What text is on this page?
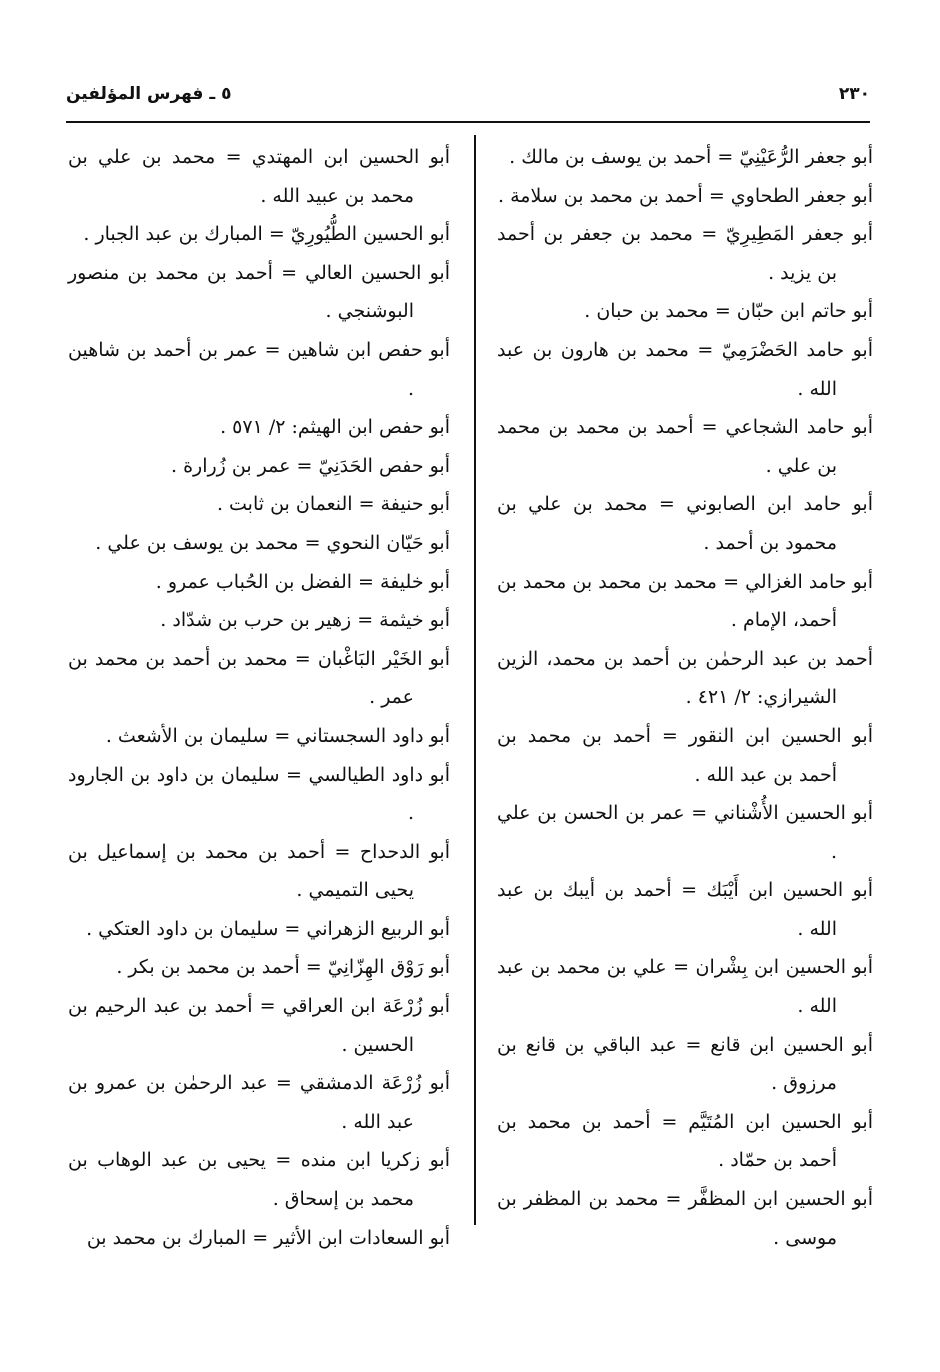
٢٣٠
٥ ـ فهرس المؤلفين

أبو جعفر الرُّعَيْنِيّ = أحمد بن يوسف بن مالك .

أبو جعفر الطحاوي = أحمد بن محمد بن سلامة .

أبو جعفر المَطِيرِيّ = محمد بن جعفر بن أحمد بن يزيد .

أبو حاتم ابن حبّان = محمد بن حبان .

أبو حامد الحَضْرَمِيّ = محمد بن هارون بن عبد الله .

أبو حامد الشجاعي = أحمد بن محمد بن محمد بن علي .

أبو حامد ابن الصابوني = محمد بن علي بن محمود بن أحمد .

أبو حامد الغزالي = محمد بن محمد بن محمد بن أحمد، الإمام .

أحمد بن عبد الرحمٰن بن أحمد بن محمد، الزين الشيرازي: ٢/ ٤٢١ .

أبو الحسين ابن النقور = أحمد بن محمد بن أحمد بن عبد الله .

أبو الحسين الأُشْناني = عمر بن الحسن بن علي .

أبو الحسين ابن أَيْبَك = أحمد بن أيبك بن عبد الله .

أبو الحسين ابن بِشْران = علي بن محمد بن عبد الله .

أبو الحسين ابن قانع = عبد الباقي بن قانع بن مرزوق .

أبو الحسين ابن المُتَيَّم = أحمد بن محمد بن أحمد بن حمّاد .

أبو الحسين ابن المظفَّر = محمد بن المظفر بن موسى .

أبو الحسين ابن المهتدي = محمد بن علي بن محمد بن عبيد الله .

أبو الحسين الطُّيُورِيّ = المبارك بن عبد الجبار .

أبو الحسين العالي = أحمد بن محمد بن منصور البوشنجي .

أبو حفص ابن شاهين = عمر بن أحمد بن شاهين .

أبو حفص ابن الهيثم: ٢/ ٥٧١ .

أبو حفص الحَدَنِيّ = عمر بن زُرارة .

أبو حنيفة = النعمان بن ثابت .

أبو حَيّان النحوي = محمد بن يوسف بن علي .

أبو خليفة = الفضل بن الحُباب عمرو .

أبو خيثمة = زهير بن حرب بن شدّاد .

أبو الخَيْر البَاغْبان = محمد بن أحمد بن محمد بن عمر .

أبو داود السجستاني = سليمان بن الأشعث .

أبو داود الطيالسي = سليمان بن داود بن الجارود .

أبو الدحداح = أحمد بن محمد بن إسماعيل بن يحيى التميمي .

أبو الربيع الزهراني = سليمان بن داود العتكي .

أبو رَوْق الهِزّانِيّ = أحمد بن محمد بن بكر .

أبو زُرْعَة ابن العراقي = أحمد بن عبد الرحيم بن الحسين .

أبو زُرْعَة الدمشقي = عبد الرحمٰن بن عمرو بن عبد الله .

أبو زكريا ابن منده = يحيى بن عبد الوهاب بن محمد بن إسحاق .

أبو السعادات ابن الأثير = المبارك بن محمد بن
